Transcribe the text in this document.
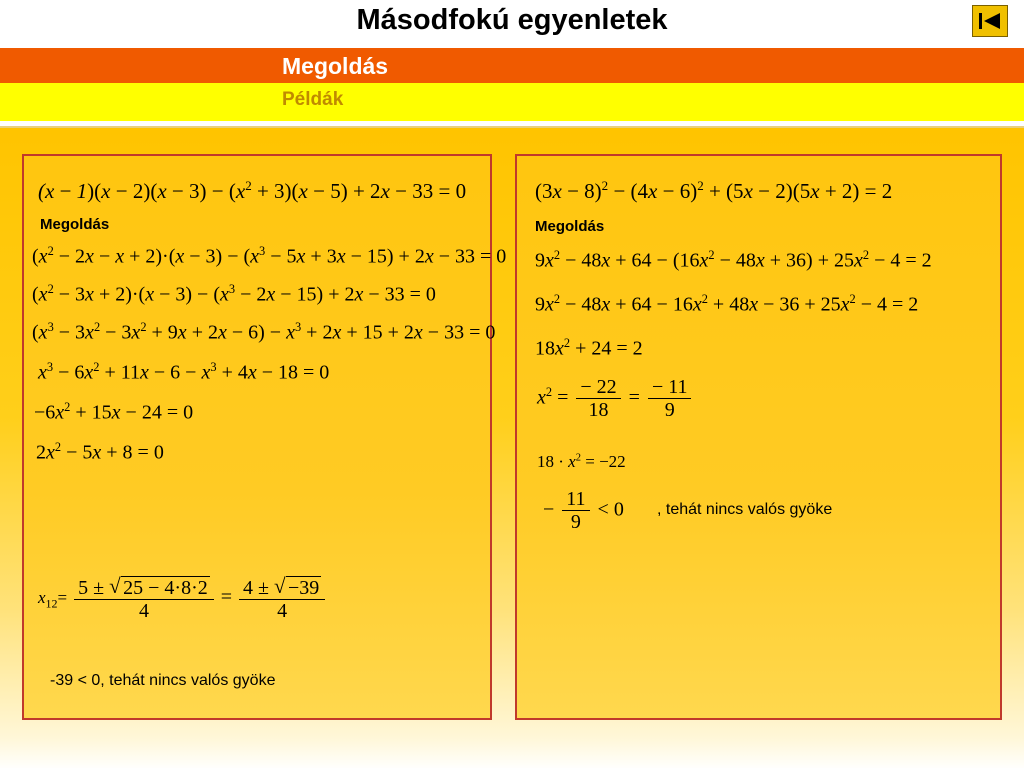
Másodfokú egyenletek
Megoldás
Példák
$(x - 1)(x - 2)(x - 3) - (x^2 + 3)(x - 5) + 2x - 33 = 0$
Megoldás
$(x^2 - 2x - x + 2)\cdot(x - 3) - (x^3 - 5x + 3x - 15) + 2x - 33 = 0$
$(x^2 - 3x + 2)\cdot(x - 3) - (x^3 - 2x - 15) + 2x - 33 = 0$
$(x^3 - 3x^2 - 3x^2 + 9x + 2x - 6) - x^3 + 2x + 15 + 2x - 33 = 0$
$x^3 - 6x^2 + 11x - 6 - x^3 + 4x - 18 = 0$
$-6x^2 + 15x - 24 = 0$
$2x^2 - 5x + 8 = 0$
$x_{12}= \frac{5 \pm √ 25 - 4\cdot 8\cdot 2}{4} = \frac{4 \pm √ -39}{4}$
-39 < 0, tehát nincs valós gyöke
$(3x - 8)^2 - (4x - 6)^2 + (5x - 2)(5x + 2) = 2$
Megoldás
$9x^2 - 48x + 64 - (16x^2 - 48x + 36) + 25x^2 - 4 = 2$
$9x^2 - 48x + 64 - 16x^2 + 48x - 36 + 25x^2 - 4 = 2$
$18x^2 + 24 = 2$
$x^2 = \frac{- 22}{18} = \frac{- 11}{9}$
$18 \cdot x^2 = -22$
− $\frac{11}{9} < 0$ , tehát nincs valós gyöke
